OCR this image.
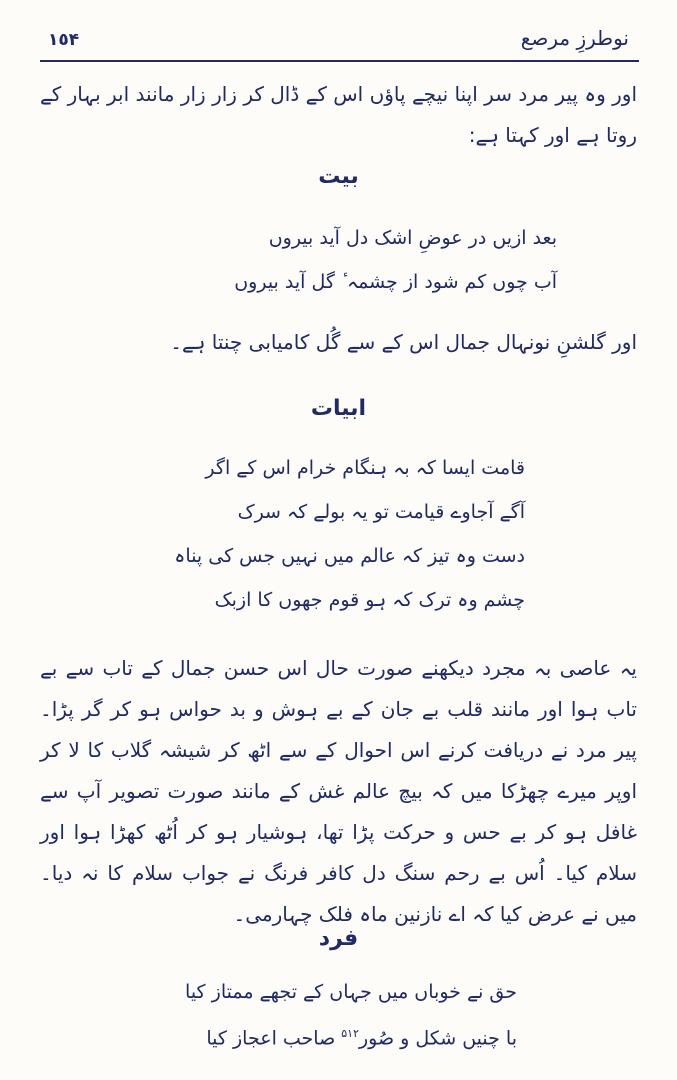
١٥۴	نوطرزِ مرصع
اور وہ پیر مرد سر اپنا نیچے پاؤں اس کے ڈال کر زار زار مانند ابر بہار کے روتا ہے اور کہتا ہے:
بیت
بعد ازیں در عوضِ اشک دل آید بیروں
آب چوں کم شود از چشمہ ٔ گل آید بیروں
اور گلشنِ نونہال جمال اس کے سے گُل کامیابی چنتا ہے۔
ابیات
قامت ایسا کہ بہ ہنگام خرام اس کے اگر
آگے آجاوے قیامت تو یہ بولے کہ سرک
دست وہ تیز کہ عالم میں نہیں جس کی پناہ
چشم وہ ترک کہ ہو قوم جھوں کا ازبک
یہ عاصی بہ مجرد دیکھنے صورت حال اس حسن جمال کے تاب سے بے تاب ہوا اور مانند قلب بے جان کے بے ہوش و بد حواس ہو کر گر پڑا۔ پیر مرد نے دریافت کرنے اس احوال کے سے اٹھ کر شیشہ گلاب کا لا کر اوپر میرے چھڑکا میں کہ بیچ عالم غش کے مانند صورت تصویر آپ سے غافل ہو کر بے حس و حرکت پڑا تھا، ہوشیار ہو کر اُٹھ کھڑا ہوا اور سلام کیا۔ اُس بے رحم سنگ دل کافر فرنگ نے جواب سلام کا نہ دیا۔ میں نے عرض کیا کہ اے نازنین ماہ فلک چہارمی۔
فرد
حق نے خوباں میں جہاں کے تجھے ممتاز کیا
با چنیں شکل و صُور$^{۵۱۲}$ صاحب اعجاز کیا
